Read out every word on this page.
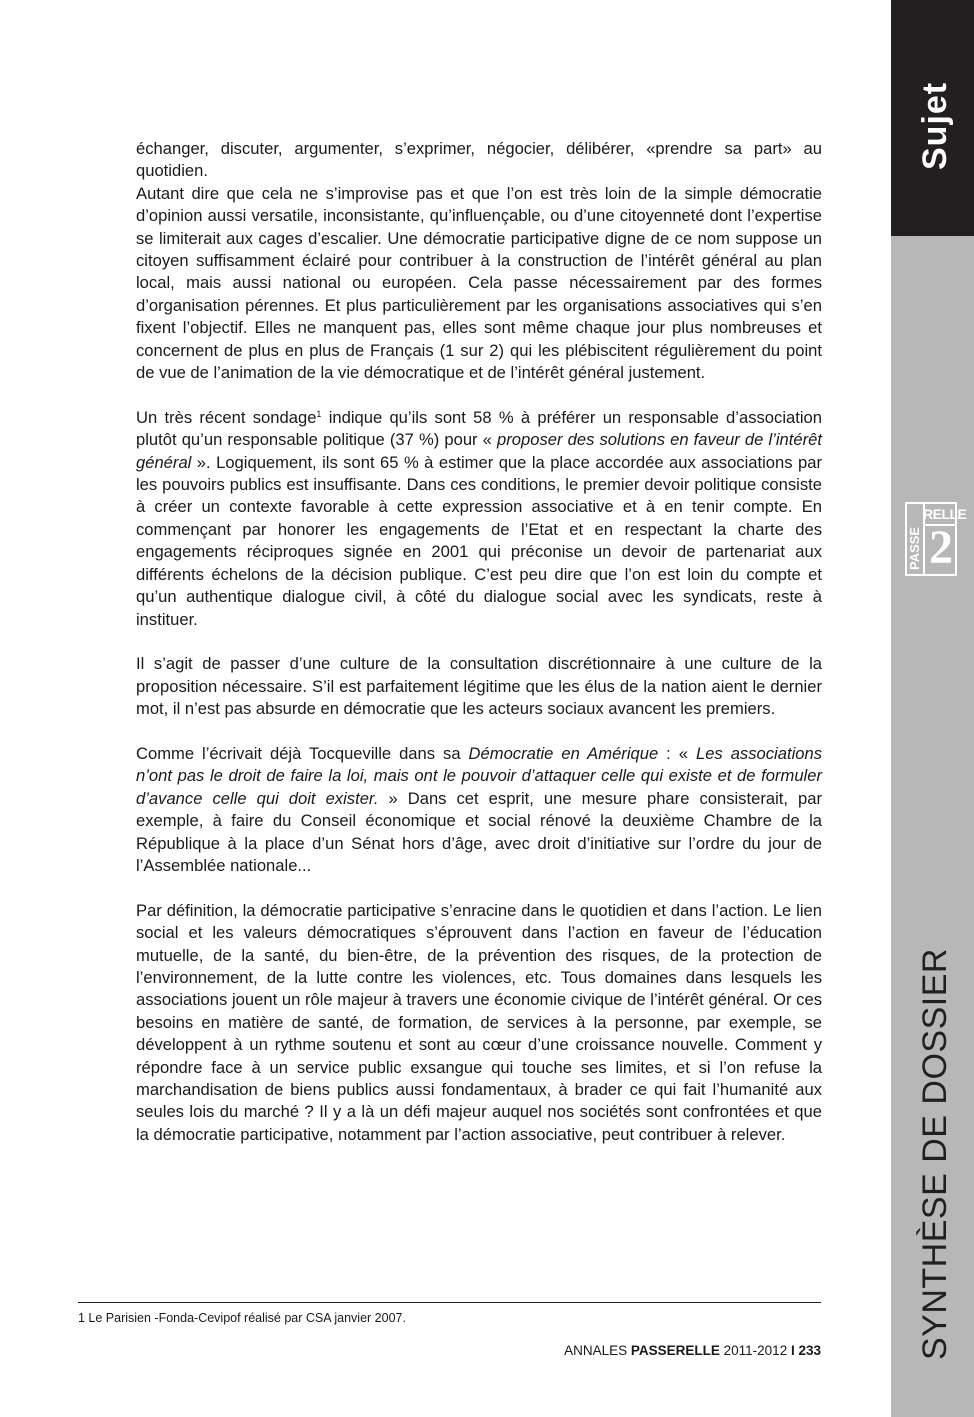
échanger, discuter, argumenter, s’exprimer, négocier, délibérer, «prendre sa part» au quotidien.

Autant dire que cela ne s’improvise pas et que l’on est très loin de la simple démocratie d’opinion aussi versatile, inconsistante, qu’influençable, ou d’une citoyenneté dont l’expertise se limiterait aux cages d’escalier. Une démocratie participative digne de ce nom suppose un citoyen suffisamment éclairé pour contribuer à la construction de l’intérêt général au plan local, mais aussi national ou européen. Cela passe nécessairement par des formes d’organisation pérennes. Et plus particulièrement par les organisations associatives qui s’en fixent l’objectif. Elles ne manquent pas, elles sont même chaque jour plus nombreuses et concernent de plus en plus de Français (1 sur 2) qui les plébiscitent régulièrement du point de vue de l’animation de la vie démocratique et de l’intérêt général justement.

Un très récent sondage$^1$ indique qu’ils sont 58 % à préférer un responsable d’association plutôt qu’un responsable politique (37 %) pour « proposer des solutions en faveur de l’intérêt général ». Logiquement, ils sont 65 % à estimer que la place accordée aux associations par les pouvoirs publics est insuffisante. Dans ces conditions, le premier devoir politique consiste à créer un contexte favorable à cette expression associative et à en tenir compte. En commençant par honorer les engagements de l’Etat et en respectant la charte des engagements réciproques signée en 2001 qui préconise un devoir de partenariat aux différents échelons de la décision publique. C’est peu dire que l’on est loin du compte et qu’un authentique dialogue civil, à côté du dialogue social avec les syndicats, reste à instituer.

Il s’agit de passer d’une culture de la consultation discrétionnaire à une culture de la proposition nécessaire. S’il est parfaitement légitime que les élus de la nation aient le dernier mot, il n’est pas absurde en démocratie que les acteurs sociaux avancent les premiers.

Comme l’écrivait déjà Tocqueville dans sa Démocratie en Amérique : « Les associations n’ont pas le droit de faire la loi, mais ont le pouvoir d’attaquer celle qui existe et de formuler d’avance celle qui doit exister. » Dans cet esprit, une mesure phare consisterait, par exemple, à faire du Conseil économique et social rénové la deuxième Chambre de la République à la place d’un Sénat hors d’âge, avec droit d’initiative sur l’ordre du jour de l’Assemblée nationale...

Par définition, la démocratie participative s’enracine dans le quotidien et dans l’action. Le lien social et les valeurs démocratiques s’éprouvent dans l’action en faveur de l’éducation mutuelle, de la santé, du bien-être, de la prévention des risques, de la protection de l’environnement, de la lutte contre les violences, etc. Tous domaines dans lesquels les associations jouent un rôle majeur à travers une économie civique de l’intérêt général. Or ces besoins en matière de santé, de formation, de services à la personne, par exemple, se développent à un rythme soutenu et sont au cœur d’une croissance nouvelle. Comment y répondre face à un service public exsangue qui touche ses limites, et si l’on refuse la marchandisation de biens publics aussi fondamentaux, à brader ce qui fait l’humanité aux seules lois du marché ? Il y a là un défi majeur auquel nos sociétés sont confrontées et que la démocratie participative, notamment par l’action associative, peut contribuer à relever.

1 Le Parisien -Fonda-Cevipof réalisé par CSA janvier 2007.
ANNALES PASSERELLE 2011-2012 I 233
Sujet
SYNTHÈSE DE DOSSIER
PASSE
RELLE
2
